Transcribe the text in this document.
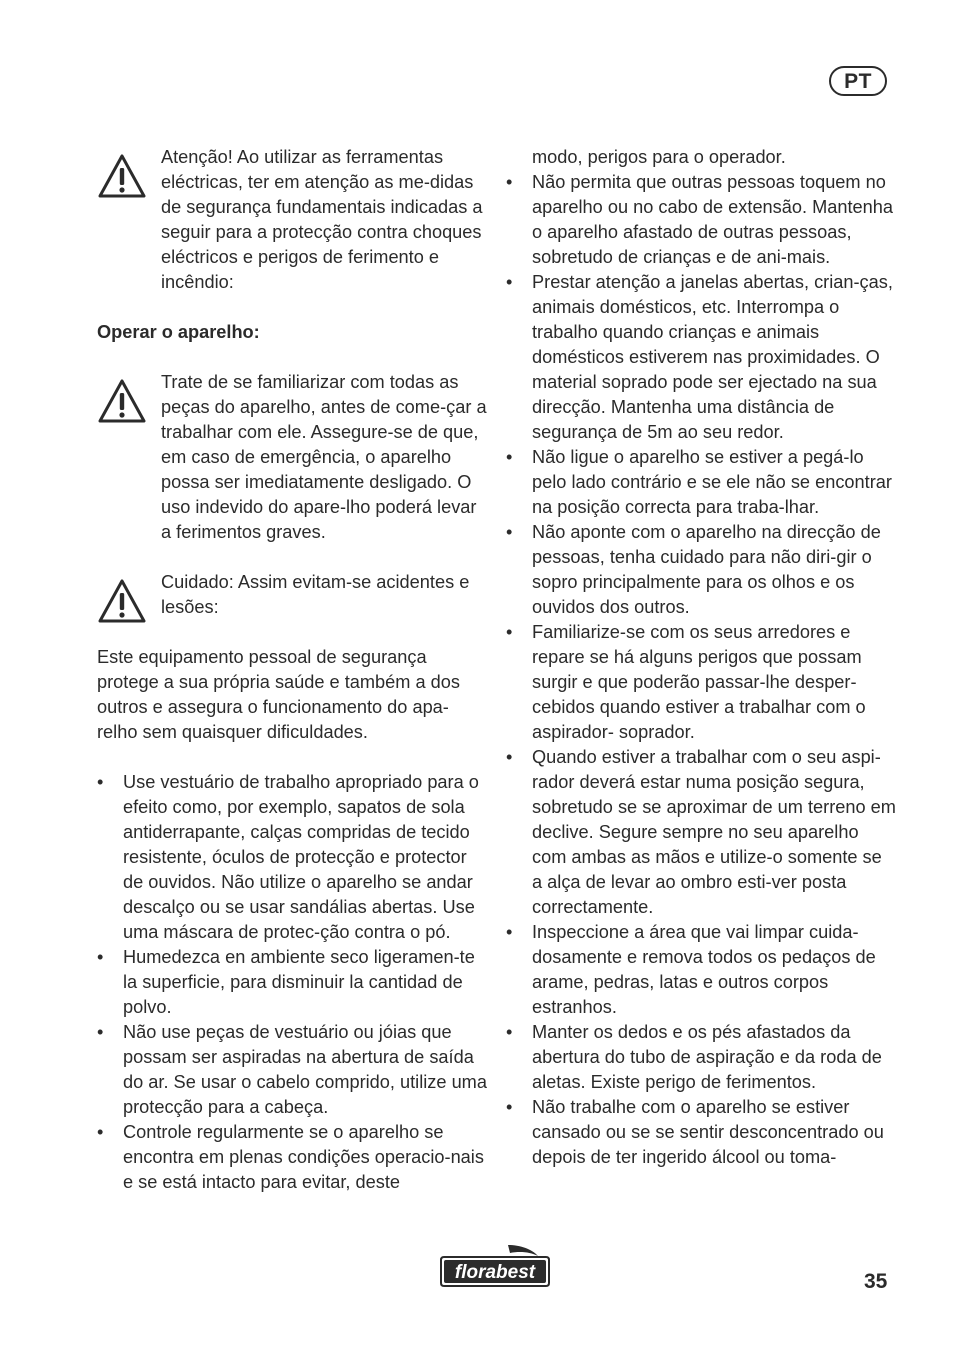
PT

Atenção! Ao utilizar as ferramentas eléctricas, ter em atenção as me-didas de segurança fundamentais indicadas a seguir para a protecção contra choques eléctricos e perigos de ferimento e incêndio:

Operar o aparelho:

Trate de se familiarizar com todas as peças do aparelho, antes de come-çar a trabalhar com ele. Assegure-se de que, em caso de emergência, o aparelho possa ser imediatamente desligado. O uso indevido do apare-lho poderá levar a ferimentos graves.

Cuidado: Assim evitam-se acidentes e lesões:

Este equipamento pessoal de segurança protege a sua própria saúde e também a dos outros e assegura o funcionamento do apa-relho sem quaisquer dificuldades.

• Use vestuário de trabalho apropriado para o efeito como, por exemplo, sapatos de sola antiderrapante, calças compridas de tecido resistente, óculos de protecção e protector de ouvidos. Não utilize o aparelho se andar descalço ou se usar sandálias abertas. Use uma máscara de protec-ção contra o pó.
• Humedezca en ambiente seco ligeramen-te la superficie, para disminuir la cantidad de polvo.
• Não use peças de vestuário ou jóias que possam ser aspiradas na abertura de saída do ar. Se usar o cabelo comprido, utilize uma protecção para a cabeça.
• Controle regularmente se o aparelho se encontra em plenas condições operacio-nais e se está intacto para evitar, deste

modo, perigos para o operador.

• Não permita que outras pessoas toquem no aparelho ou no cabo de extensão. Mantenha o aparelho afastado de outras pessoas, sobretudo de crianças e de ani-mais.
• Prestar atenção a janelas abertas, crian-ças, animais domésticos, etc. Interrompa o trabalho quando crianças e animais domésticos estiverem nas proximidades. O material soprado pode ser ejectado na sua direcção. Mantenha uma distância de segurança de 5m ao seu redor.
• Não ligue o aparelho se estiver a pegá-lo pelo lado contrário e se ele não se encontrar na posição correcta para traba-lhar.
• Não aponte com o aparelho na direcção de pessoas, tenha cuidado para não diri-gir o sopro principalmente para os olhos e os ouvidos dos outros.
• Familiarize-se com os seus arredores e repare se há alguns perigos que possam surgir e que poderão passar-lhe desper-cebidos quando estiver a trabalhar com o aspirador- soprador.
• Quando estiver a trabalhar com o seu aspi-rador deverá estar numa posição segura, sobretudo se se aproximar de um terreno em declive. Segure sempre no seu aparelho com ambas as mãos e utilize-o somente se a alça de levar ao ombro esti-ver posta correctamente.
• Inspeccione a área que vai limpar cuida-dosamente e remova todos os pedaços de arame, pedras, latas e outros corpos estranhos.
• Manter os dedos e os pés afastados da abertura do tubo de aspiração e da roda de aletas. Existe perigo de ferimentos.
• Não trabalhe com o aparelho se estiver cansado ou se se sentir desconcentrado ou depois de ter ingerido álcool ou toma-
florabest	35
